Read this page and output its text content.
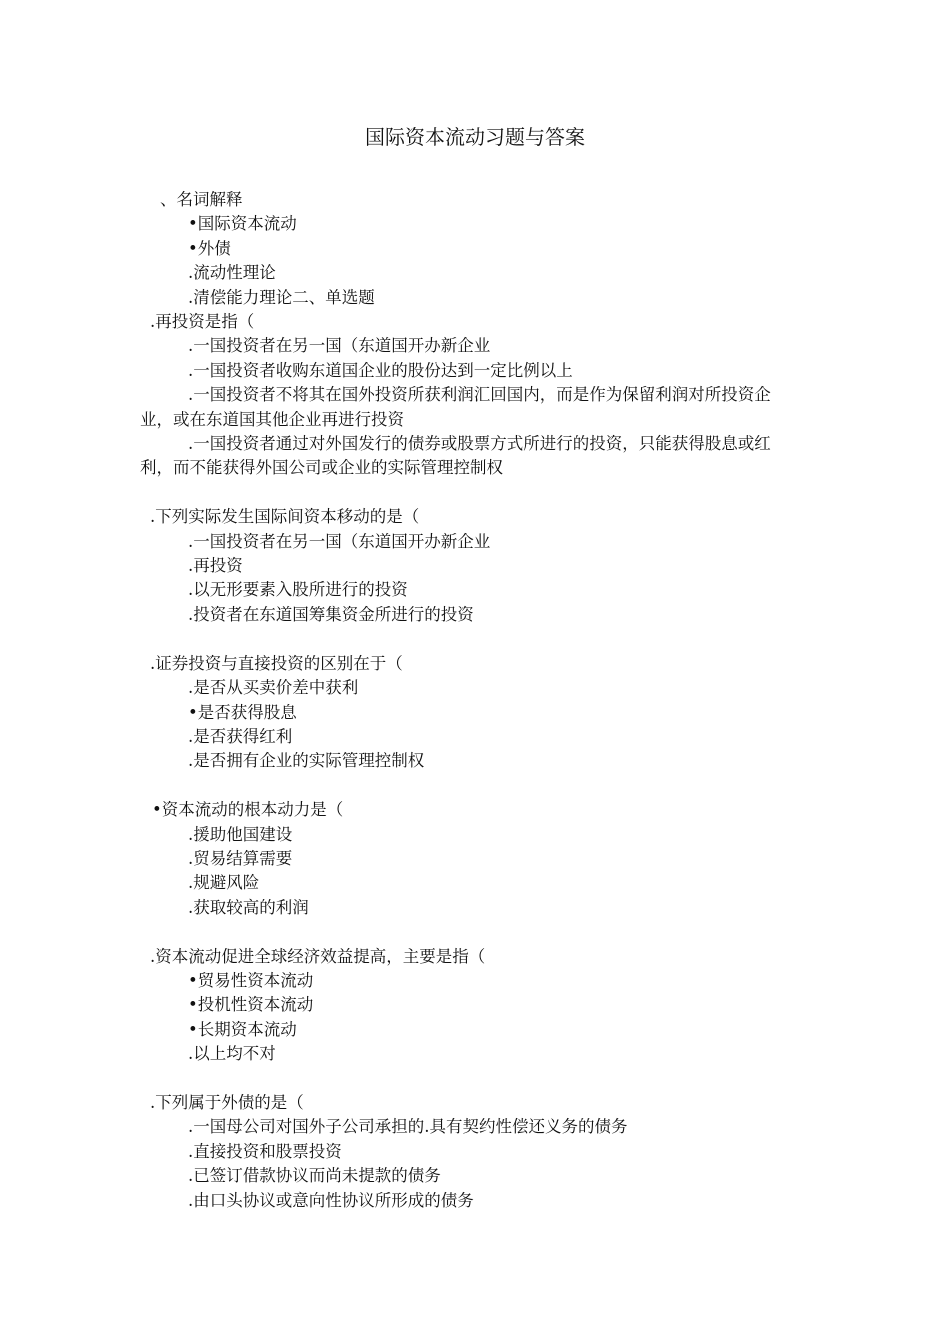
国际资本流动习题与答案
、名词解释
•国际资本流动
•外债
.流动性理论
.清偿能力理论二、单选题
.再投资是指（
.一国投资者在另一国（东道国开办新企业
.一国投资者收购东道国企业的股份达到一定比例以上
.一国投资者不将其在国外投资所获利润汇回国内，而是作为保留利润对所投资企业，或在东道国其他企业再进行投资
.一国投资者通过对外国发行的债券或股票方式所进行的投资，只能获得股息或红利，而不能获得外国公司或企业的实际管理控制权
.下列实际发生国际间资本移动的是（
.一国投资者在另一国（东道国开办新企业
.再投资
.以无形要素入股所进行的投资
.投资者在东道国筹集资金所进行的投资
.证券投资与直接投资的区别在于（
.是否从买卖价差中获利
•是否获得股息
.是否获得红利
.是否拥有企业的实际管理控制权
•资本流动的根本动力是（
.援助他国建设
.贸易结算需要
.规避风险
.获取较高的利润
.资本流动促进全球经济效益提高，主要是指（
•贸易性资本流动
•投机性资本流动
•长期资本流动
.以上均不对
.下列属于外债的是（
.一国母公司对国外子公司承担的.具有契约性偿还义务的债务
.直接投资和股票投资
.已签订借款协议而尚未提款的债务
.由口头协议或意向性协议所形成的债务
